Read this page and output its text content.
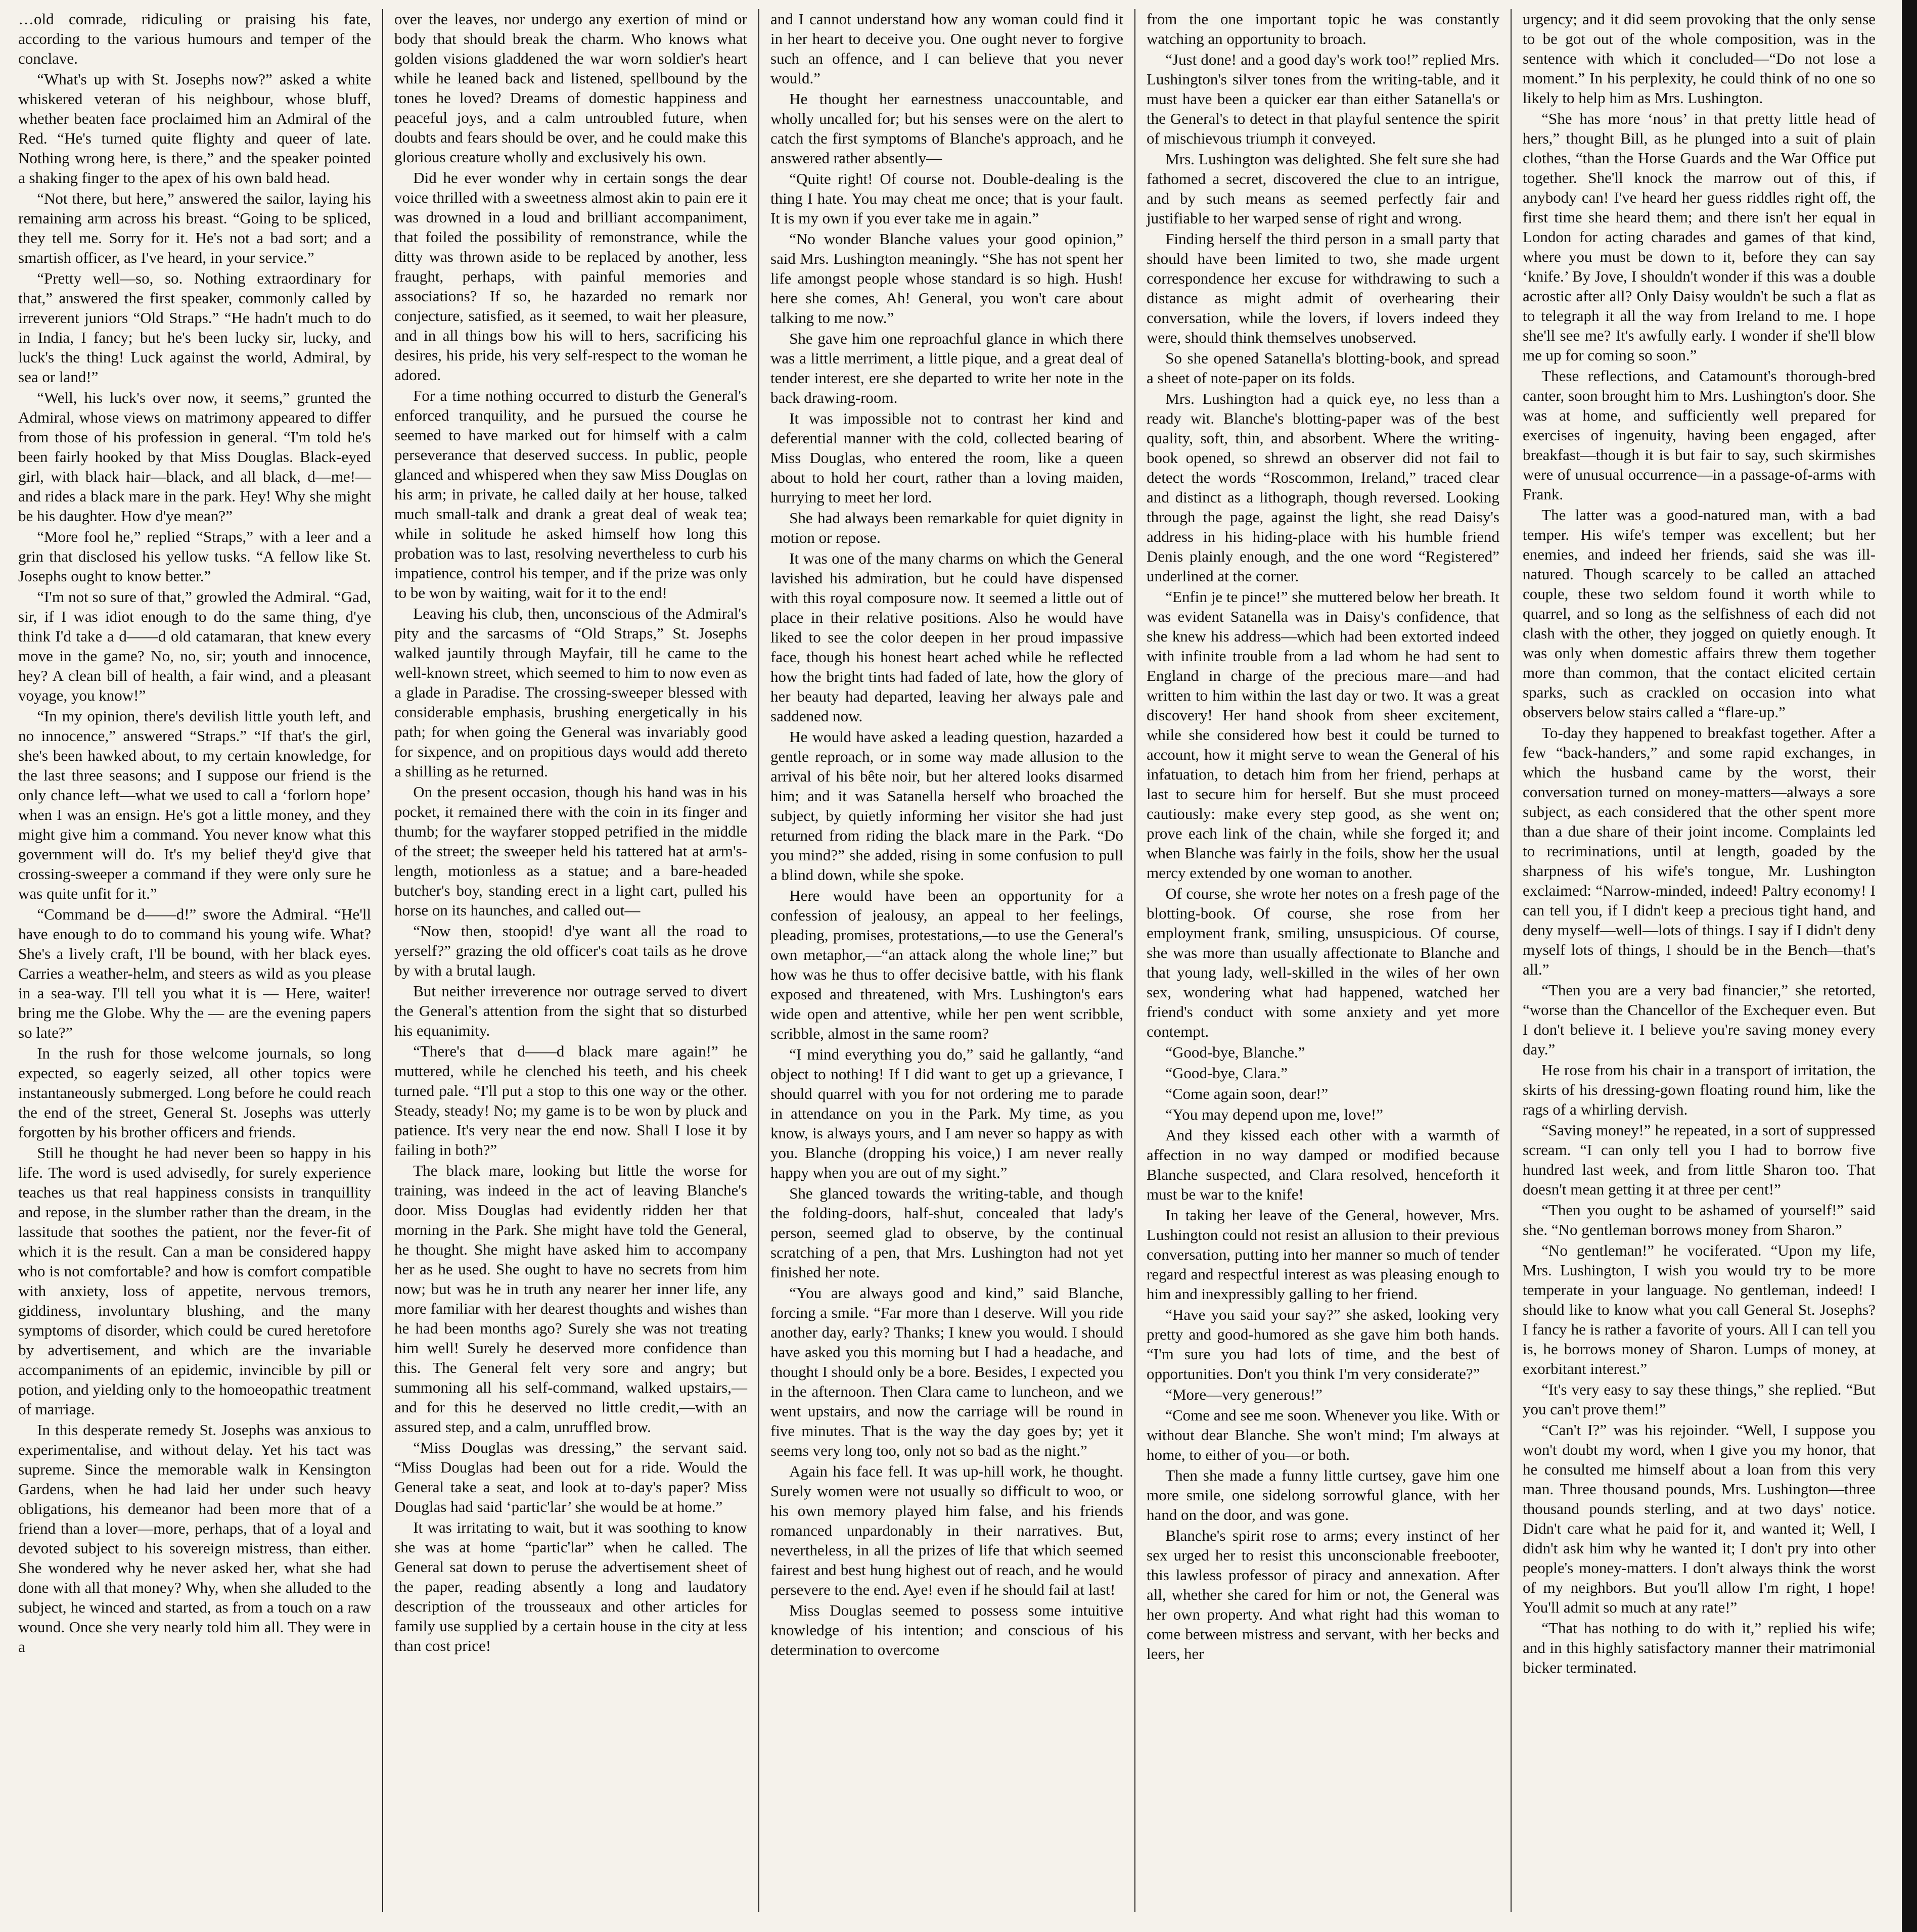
…old comrade, ridiculing or praising his fate, according to the various humours and temper of the conclave.

“What's up with St. Josephs now?” asked a white whiskered veteran of his neighbour, whose bluff, whether beaten face proclaimed him an Admiral of the Red. “He's turned quite flighty and queer of late. Nothing wrong here, is there,” and the speaker pointed a shaking finger to the apex of his own bald head.

“Not there, but here,” answered the sailor, laying his remaining arm across his breast. “Going to be spliced, they tell me. Sorry for it. He's not a bad sort; and a smartish officer, as I've heard, in your service.”

“Pretty well—so, so. Nothing extraordinary for that,” answered the first speaker, commonly called by irreverent juniors “Old Straps.” “He hadn't much to do in India, I fancy; but he's been lucky sir, lucky, and luck's the thing! Luck against the world, Admiral, by sea or land!”

“Well, his luck's over now, it seems,” grunted the Admiral, whose views on matrimony appeared to differ from those of his profession in general. “I'm told he's been fairly hooked by that Miss Douglas. Black-eyed girl, with black hair—black, and all black, d—me!—and rides a black mare in the park. Hey! Why she might be his daughter. How d'ye mean?”

“More fool he,” replied “Straps,” with a leer and a grin that disclosed his yellow tusks. “A fellow like St. Josephs ought to know better.”

“I'm not so sure of that,” growled the Admiral. “Gad, sir, if I was idiot enough to do the same thing, d'ye think I'd take a d——d old catamaran, that knew every move in the game? No, no, sir; youth and innocence, hey? A clean bill of health, a fair wind, and a pleasant voyage, you know!”

“In my opinion, there's devilish little youth left, and no innocence,” answered “Straps.” “If that's the girl, she's been hawked about, to my certain knowledge, for the last three seasons; and I suppose our friend is the only chance left—what we used to call a ‘forlorn hope’ when I was an ensign. He's got a little money, and they might give him a command. You never know what this government will do. It's my belief they'd give that crossing-sweeper a command if they were only sure he was quite unfit for it.”

“Command be d——d!” swore the Admiral. “He'll have enough to do to command his young wife. What? She's a lively craft, I'll be bound, with her black eyes. Carries a weather-helm, and steers as wild as you please in a sea-way. I'll tell you what it is — Here, waiter! bring me the Globe. Why the — are the evening papers so late?”

In the rush for those welcome journals, so long expected, so eagerly seized, all other topics were instantaneously submerged. Long before he could reach the end of the street, General St. Josephs was utterly forgotten by his brother officers and friends.

Still he thought he had never been so happy in his life. The word is used advisedly, for surely experience teaches us that real happiness consists in tranquillity and repose, in the slumber rather than the dream, in the lassitude that soothes the patient, nor the fever-fit of which it is the result. Can a man be considered happy who is not comfortable? and how is comfort compatible with anxiety, loss of appetite, nervous tremors, giddiness, involuntary blushing, and the many symptoms of disorder, which could be cured heretofore by advertisement, and which are the invariable accompaniments of an epidemic, invincible by pill or potion, and yielding only to the homoeopathic treatment of marriage.

In this desperate remedy St. Josephs was anxious to experimentalise, and without delay. Yet his tact was supreme. Since the memorable walk in Kensington Gardens, when he had laid her under such heavy obligations, his demeanor had been more that of a friend than a lover—more, perhaps, that of a loyal and devoted subject to his sovereign mistress, than either. She wondered why he never asked her, what she had done with all that money? Why, when she alluded to the subject, he winced and started, as from a touch on a raw wound. Once she very nearly told him all. They were in a

over the leaves, nor undergo any exertion of mind or body that should break the charm. Who knows what golden visions gladdened the war worn soldier's heart while he leaned back and listened, spellbound by the tones he loved? Dreams of domestic happiness and peaceful joys, and a calm untroubled future, when doubts and fears should be over, and he could make this glorious creature wholly and exclusively his own.

Did he ever wonder why in certain songs the dear voice thrilled with a sweetness almost akin to pain ere it was drowned in a loud and brilliant accompaniment, that foiled the possibility of remonstrance, while the ditty was thrown aside to be replaced by another, less fraught, perhaps, with painful memories and associations? If so, he hazarded no remark nor conjecture, satisfied, as it seemed, to wait her pleasure, and in all things bow his will to hers, sacrificing his desires, his pride, his very self-respect to the woman he adored.

For a time nothing occurred to disturb the General's enforced tranquility, and he pursued the course he seemed to have marked out for himself with a calm perseverance that deserved success. In public, people glanced and whispered when they saw Miss Douglas on his arm; in private, he called daily at her house, talked much small-talk and drank a great deal of weak tea; while in solitude he asked himself how long this probation was to last, resolving nevertheless to curb his impatience, control his temper, and if the prize was only to be won by waiting, wait for it to the end!

Leaving his club, then, unconscious of the Admiral's pity and the sarcasms of “Old Straps,” St. Josephs walked jauntily through Mayfair, till he came to the well-known street, which seemed to him to now even as a glade in Paradise. The crossing-sweeper blessed with considerable emphasis, brushing energetically in his path; for when going the General was invariably good for sixpence, and on propitious days would add thereto a shilling as he returned.

On the present occasion, though his hand was in his pocket, it remained there with the coin in its finger and thumb; for the wayfarer stopped petrified in the middle of the street; the sweeper held his tattered hat at arm's-length, motionless as a statue; and a bare-headed butcher's boy, standing erect in a light cart, pulled his horse on its haunches, and called out—

“Now then, stoopid! d'ye want all the road to yerself?” grazing the old officer's coat tails as he drove by with a brutal laugh.

But neither irreverence nor outrage served to divert the General's attention from the sight that so disturbed his equanimity.

“There's that d——d black mare again!” he muttered, while he clenched his teeth, and his cheek turned pale. “I'll put a stop to this one way or the other. Steady, steady! No; my game is to be won by pluck and patience. It's very near the end now. Shall I lose it by failing in both?”

The black mare, looking but little the worse for training, was indeed in the act of leaving Blanche's door. Miss Douglas had evidently ridden her that morning in the Park. She might have told the General, he thought. She might have asked him to accompany her as he used. She ought to have no secrets from him now; but was he in truth any nearer her inner life, any more familiar with her dearest thoughts and wishes than he had been months ago? Surely she was not treating him well! Surely he deserved more confidence than this. The General felt very sore and angry; but summoning all his self-command, walked upstairs,—and for this he deserved no little credit,—with an assured step, and a calm, unruffled brow.

“Miss Douglas was dressing,” the servant said. “Miss Douglas had been out for a ride. Would the General take a seat, and look at to-day's paper? Miss Douglas had said ‘partic'lar’ she would be at home.”

It was irritating to wait, but it was soothing to know she was at home “partic'lar” when he called. The General sat down to peruse the advertisement sheet of the paper, reading absently a long and laudatory description of the trousseaux and other articles for family use supplied by a certain house in the city at less than cost price!

and I cannot understand how any woman could find it in her heart to deceive you. One ought never to forgive such an offence, and I can believe that you never would.”

He thought her earnestness unaccountable, and wholly uncalled for; but his senses were on the alert to catch the first symptoms of Blanche's approach, and he answered rather absently—

“Quite right! Of course not. Double-dealing is the thing I hate. You may cheat me once; that is your fault. It is my own if you ever take me in again.”

“No wonder Blanche values your good opinion,” said Mrs. Lushington meaningly. “She has not spent her life amongst people whose standard is so high. Hush! here she comes, Ah! General, you won't care about talking to me now.”

She gave him one reproachful glance in which there was a little merriment, a little pique, and a great deal of tender interest, ere she departed to write her note in the back drawing-room.

It was impossible not to contrast her kind and deferential manner with the cold, collected bearing of Miss Douglas, who entered the room, like a queen about to hold her court, rather than a loving maiden, hurrying to meet her lord.

She had always been remarkable for quiet dignity in motion or repose.

It was one of the many charms on which the General lavished his admiration, but he could have dispensed with this royal composure now. It seemed a little out of place in their relative positions. Also he would have liked to see the color deepen in her proud impassive face, though his honest heart ached while he reflected how the bright tints had faded of late, how the glory of her beauty had departed, leaving her always pale and saddened now.

He would have asked a leading question, hazarded a gentle reproach, or in some way made allusion to the arrival of his bête noir, but her altered looks disarmed him; and it was Satanella herself who broached the subject, by quietly informing her visitor she had just returned from riding the black mare in the Park. “Do you mind?” she added, rising in some confusion to pull a blind down, while she spoke.

Here would have been an opportunity for a confession of jealousy, an appeal to her feelings, pleading, promises, protestations,—to use the General's own metaphor,—“an attack along the whole line;” but how was he thus to offer decisive battle, with his flank exposed and threatened, with Mrs. Lushington's ears wide open and attentive, while her pen went scribble, scribble, almost in the same room?

“I mind everything you do,” said he gallantly, “and object to nothing! If I did want to get up a grievance, I should quarrel with you for not ordering me to parade in attendance on you in the Park. My time, as you know, is always yours, and I am never so happy as with you. Blanche (dropping his voice,) I am never really happy when you are out of my sight.”

She glanced towards the writing-table, and though the folding-doors, half-shut, concealed that lady's person, seemed glad to observe, by the continual scratching of a pen, that Mrs. Lushington had not yet finished her note.

“You are always good and kind,” said Blanche, forcing a smile. “Far more than I deserve. Will you ride another day, early? Thanks; I knew you would. I should have asked you this morning but I had a headache, and thought I should only be a bore. Besides, I expected you in the afternoon. Then Clara came to luncheon, and we went upstairs, and now the carriage will be round in five minutes. That is the way the day goes by; yet it seems very long too, only not so bad as the night.”

Again his face fell. It was up-hill work, he thought. Surely women were not usually so difficult to woo, or his own memory played him false, and his friends romanced unpardonably in their narratives. But, nevertheless, in all the prizes of life that which seemed fairest and best hung highest out of reach, and he would persevere to the end. Aye! even if he should fail at last!

Miss Douglas seemed to possess some intuitive knowledge of his intention; and conscious of his determination to overcome

from the one important topic he was constantly watching an opportunity to broach.

“Just done! and a good day's work too!” replied Mrs. Lushington's silver tones from the writing-table, and it must have been a quicker ear than either Satanella's or the General's to detect in that playful sentence the spirit of mischievous triumph it conveyed.

Mrs. Lushington was delighted. She felt sure she had fathomed a secret, discovered the clue to an intrigue, and by such means as seemed perfectly fair and justifiable to her warped sense of right and wrong.

Finding herself the third person in a small party that should have been limited to two, she made urgent correspondence her excuse for withdrawing to such a distance as might admit of overhearing their conversation, while the lovers, if lovers indeed they were, should think themselves unobserved.

So she opened Satanella's blotting-book, and spread a sheet of note-paper on its folds.

Mrs. Lushington had a quick eye, no less than a ready wit. Blanche's blotting-paper was of the best quality, soft, thin, and absorbent. Where the writing-book opened, so shrewd an observer did not fail to detect the words “Roscommon, Ireland,” traced clear and distinct as a lithograph, though reversed. Looking through the page, against the light, she read Daisy's address in his hiding-place with his humble friend Denis plainly enough, and the one word “Registered” underlined at the corner.

“Enfin je te pince!” she muttered below her breath. It was evident Satanella was in Daisy's confidence, that she knew his address—which had been extorted indeed with infinite trouble from a lad whom he had sent to England in charge of the precious mare—and had written to him within the last day or two. It was a great discovery! Her hand shook from sheer excitement, while she considered how best it could be turned to account, how it might serve to wean the General of his infatuation, to detach him from her friend, perhaps at last to secure him for herself. But she must proceed cautiously: make every step good, as she went on; prove each link of the chain, while she forged it; and when Blanche was fairly in the foils, show her the usual mercy extended by one woman to another.

Of course, she wrote her notes on a fresh page of the blotting-book. Of course, she rose from her employment frank, smiling, unsuspicious. Of course, she was more than usually affectionate to Blanche and that young lady, well-skilled in the wiles of her own sex, wondering what had happened, watched her friend's conduct with some anxiety and yet more contempt.

“Good-bye, Blanche.”

“Good-bye, Clara.”

“Come again soon, dear!”

“You may depend upon me, love!”

And they kissed each other with a warmth of affection in no way damped or modified because Blanche suspected, and Clara resolved, henceforth it must be war to the knife!

In taking her leave of the General, however, Mrs. Lushington could not resist an allusion to their previous conversation, putting into her manner so much of tender regard and respectful interest as was pleasing enough to him and inexpressibly galling to her friend.

“Have you said your say?” she asked, looking very pretty and good-humored as she gave him both hands. “I'm sure you had lots of time, and the best of opportunities. Don't you think I'm very considerate?”

“More—very generous!”

“Come and see me soon. Whenever you like. With or without dear Blanche. She won't mind; I'm always at home, to either of you—or both.

Then she made a funny little curtsey, gave him one more smile, one sidelong sorrowful glance, with her hand on the door, and was gone.

Blanche's spirit rose to arms; every instinct of her sex urged her to resist this unconscionable freebooter, this lawless professor of piracy and annexation. After all, whether she cared for him or not, the General was her own property. And what right had this woman to come between mistress and servant, with her becks and leers, her

urgency; and it did seem provoking that the only sense to be got out of the whole composition, was in the sentence with which it concluded—“Do not lose a moment.” In his perplexity, he could think of no one so likely to help him as Mrs. Lushington.

“She has more ‘nous’ in that pretty little head of hers,” thought Bill, as he plunged into a suit of plain clothes, “than the Horse Guards and the War Office put together. She'll knock the marrow out of this, if anybody can! I've heard her guess riddles right off, the first time she heard them; and there isn't her equal in London for acting charades and games of that kind, where you must be down to it, before they can say ‘knife.’ By Jove, I shouldn't wonder if this was a double acrostic after all? Only Daisy wouldn't be such a flat as to telegraph it all the way from Ireland to me. I hope she'll see me? It's awfully early. I wonder if she'll blow me up for coming so soon.”

These reflections, and Catamount's thorough-bred canter, soon brought him to Mrs. Lushington's door. She was at home, and sufficiently well prepared for exercises of ingenuity, having been engaged, after breakfast—though it is but fair to say, such skirmishes were of unusual occurrence—in a passage-of-arms with Frank.

The latter was a good-natured man, with a bad temper. His wife's temper was excellent; but her enemies, and indeed her friends, said she was ill-natured. Though scarcely to be called an attached couple, these two seldom found it worth while to quarrel, and so long as the selfishness of each did not clash with the other, they jogged on quietly enough. It was only when domestic affairs threw them together more than common, that the contact elicited certain sparks, such as crackled on occasion into what observers below stairs called a “flare-up.”

To-day they happened to breakfast together. After a few “back-handers,” and some rapid exchanges, in which the husband came by the worst, their conversation turned on money-matters—always a sore subject, as each considered that the other spent more than a due share of their joint income. Complaints led to recriminations, until at length, goaded by the sharpness of his wife's tongue, Mr. Lushington exclaimed: “Narrow-minded, indeed! Paltry economy! I can tell you, if I didn't keep a precious tight hand, and deny myself—well—lots of things. I say if I didn't deny myself lots of things, I should be in the Bench—that's all.”

“Then you are a very bad financier,” she retorted, “worse than the Chancellor of the Exchequer even. But I don't believe it. I believe you're saving money every day.”

He rose from his chair in a transport of irritation, the skirts of his dressing-gown floating round him, like the rags of a whirling dervish.

“Saving money!” he repeated, in a sort of suppressed scream. “I can only tell you I had to borrow five hundred last week, and from little Sharon too. That doesn't mean getting it at three per cent!”

“Then you ought to be ashamed of yourself!” said she. “No gentleman borrows money from Sharon.”

“No gentleman!” he vociferated. “Upon my life, Mrs. Lushington, I wish you would try to be more temperate in your language. No gentleman, indeed! I should like to know what you call General St. Josephs? I fancy he is rather a favorite of yours. All I can tell you is, he borrows money of Sharon. Lumps of money, at exorbitant interest.”

“It's very easy to say these things,” she replied. “But you can't prove them!”

“Can't I?” was his rejoinder. “Well, I suppose you won't doubt my word, when I give you my honor, that he consulted me himself about a loan from this very man. Three thousand pounds, Mrs. Lushington—three thousand pounds sterling, and at two days' notice. Didn't care what he paid for it, and wanted it; Well, I didn't ask him why he wanted it; I don't pry into other people's money-matters. I don't always think the worst of my neighbors. But you'll allow I'm right, I hope! You'll admit so much at any rate!”

“That has nothing to do with it,” replied his wife; and in this highly satisfactory manner their matrimonial bicker terminated.
